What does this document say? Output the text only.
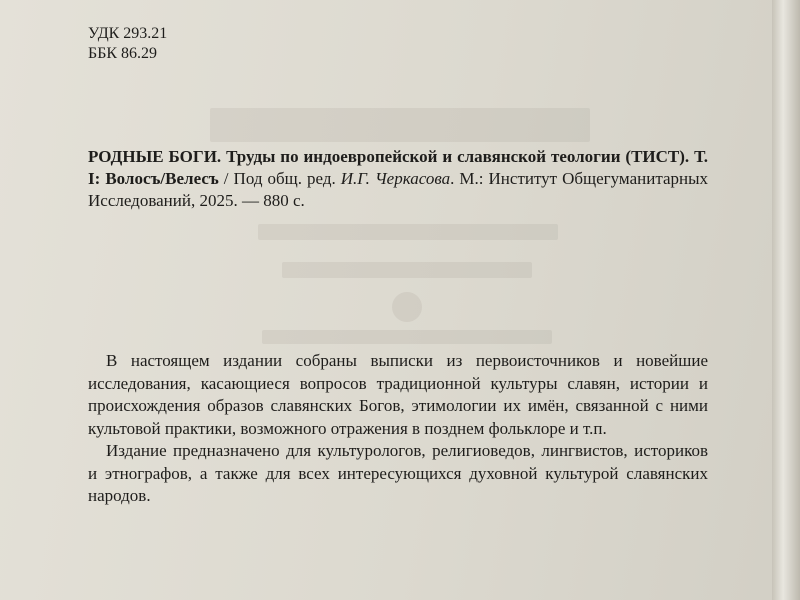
УДК 293.21
ББК 86.29
РОДНЫЕ БОГИ. Труды по индоевропейской и славянской теологии (ТИСТ). Т. I: Волосъ/Велесъ / Под общ. ред. И.Г. Черкасова. М.: Институт Общегуманитарных Исследований, 2025. — 880 с.

В настоящем издании собраны выписки из первоисточников и новейшие исследования, касающиеся вопросов традиционной культуры славян, истории и происхождения образов славянских Богов, этимологии их имён, связанной с ними культовой практики, возможного отражения в позднем фольклоре и т.п.

Издание предназначено для культурологов, религиоведов, лингвистов, историков и этнографов, а также для всех интересующихся духовной культурой славянских народов.
